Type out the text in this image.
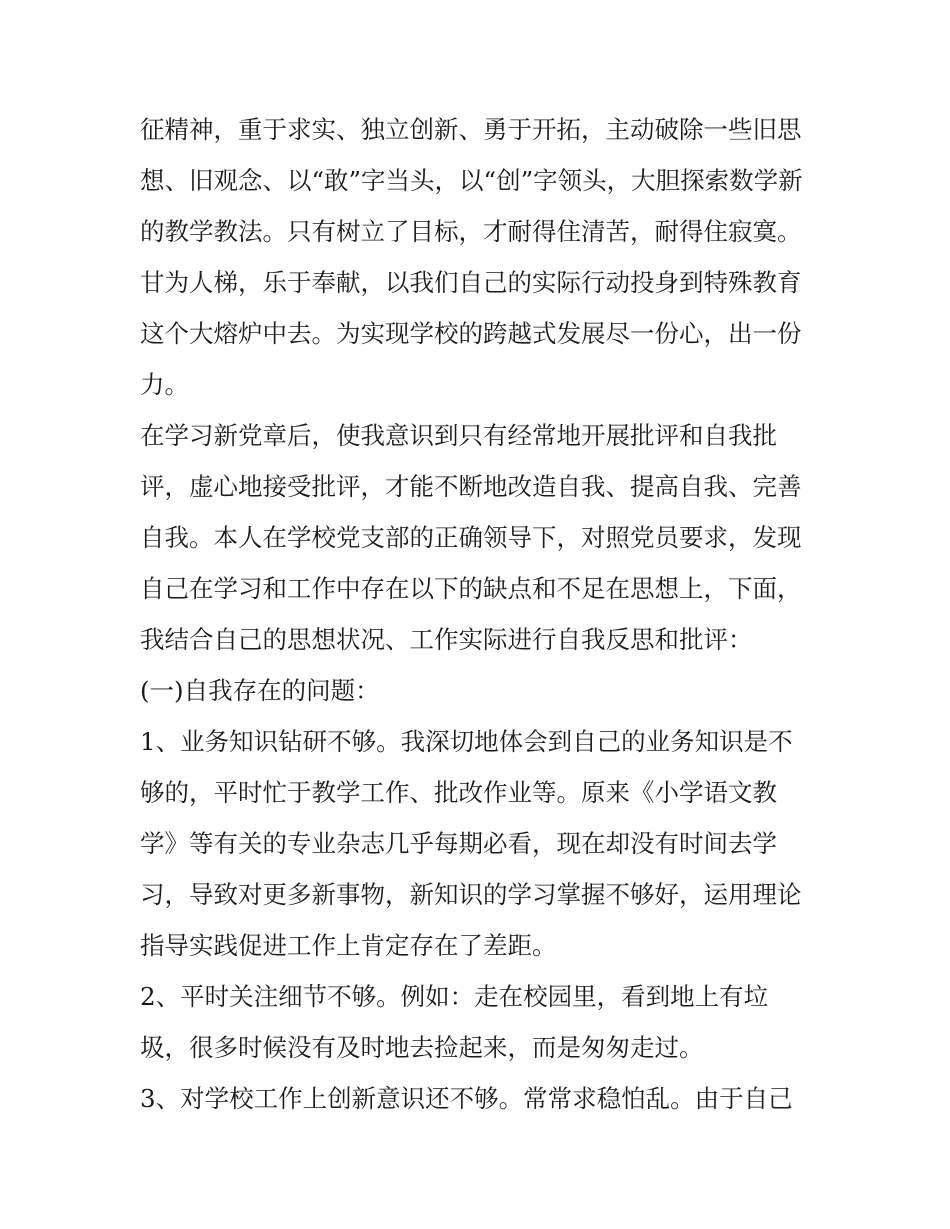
征精神，重于求实、独立创新、勇于开拓，主动破除一些旧思
想、旧观念、以“敢”字当头，以“创”字领头，大胆探索数学新
的教学教法。只有树立了目标，才耐得住清苦，耐得住寂寞。
甘为人梯，乐于奉献，以我们自己的实际行动投身到特殊教育
这个大熔炉中去。为实现学校的跨越式发展尽一份心，出一份
力。
在学习新党章后，使我意识到只有经常地开展批评和自我批
评，虚心地接受批评，才能不断地改造自我、提高自我、完善
自我。本人在学校党支部的正确领导下，对照党员要求，发现
自己在学习和工作中存在以下的缺点和不足在思想上，下面，
我结合自己的思想状况、工作实际进行自我反思和批评：
(一)自我存在的问题：
1、业务知识钻研不够。我深切地体会到自己的业务知识是不
够的，平时忙于教学工作、批改作业等。原来《小学语文教
学》等有关的专业杂志几乎每期必看，现在却没有时间去学
习，导致对更多新事物，新知识的学习掌握不够好，运用理论
指导实践促进工作上肯定存在了差距。
2、平时关注细节不够。例如：走在校园里，看到地上有垃
圾，很多时候没有及时地去捡起来，而是匆匆走过。
3、对学校工作上创新意识还不够。常常求稳怕乱。由于自己
